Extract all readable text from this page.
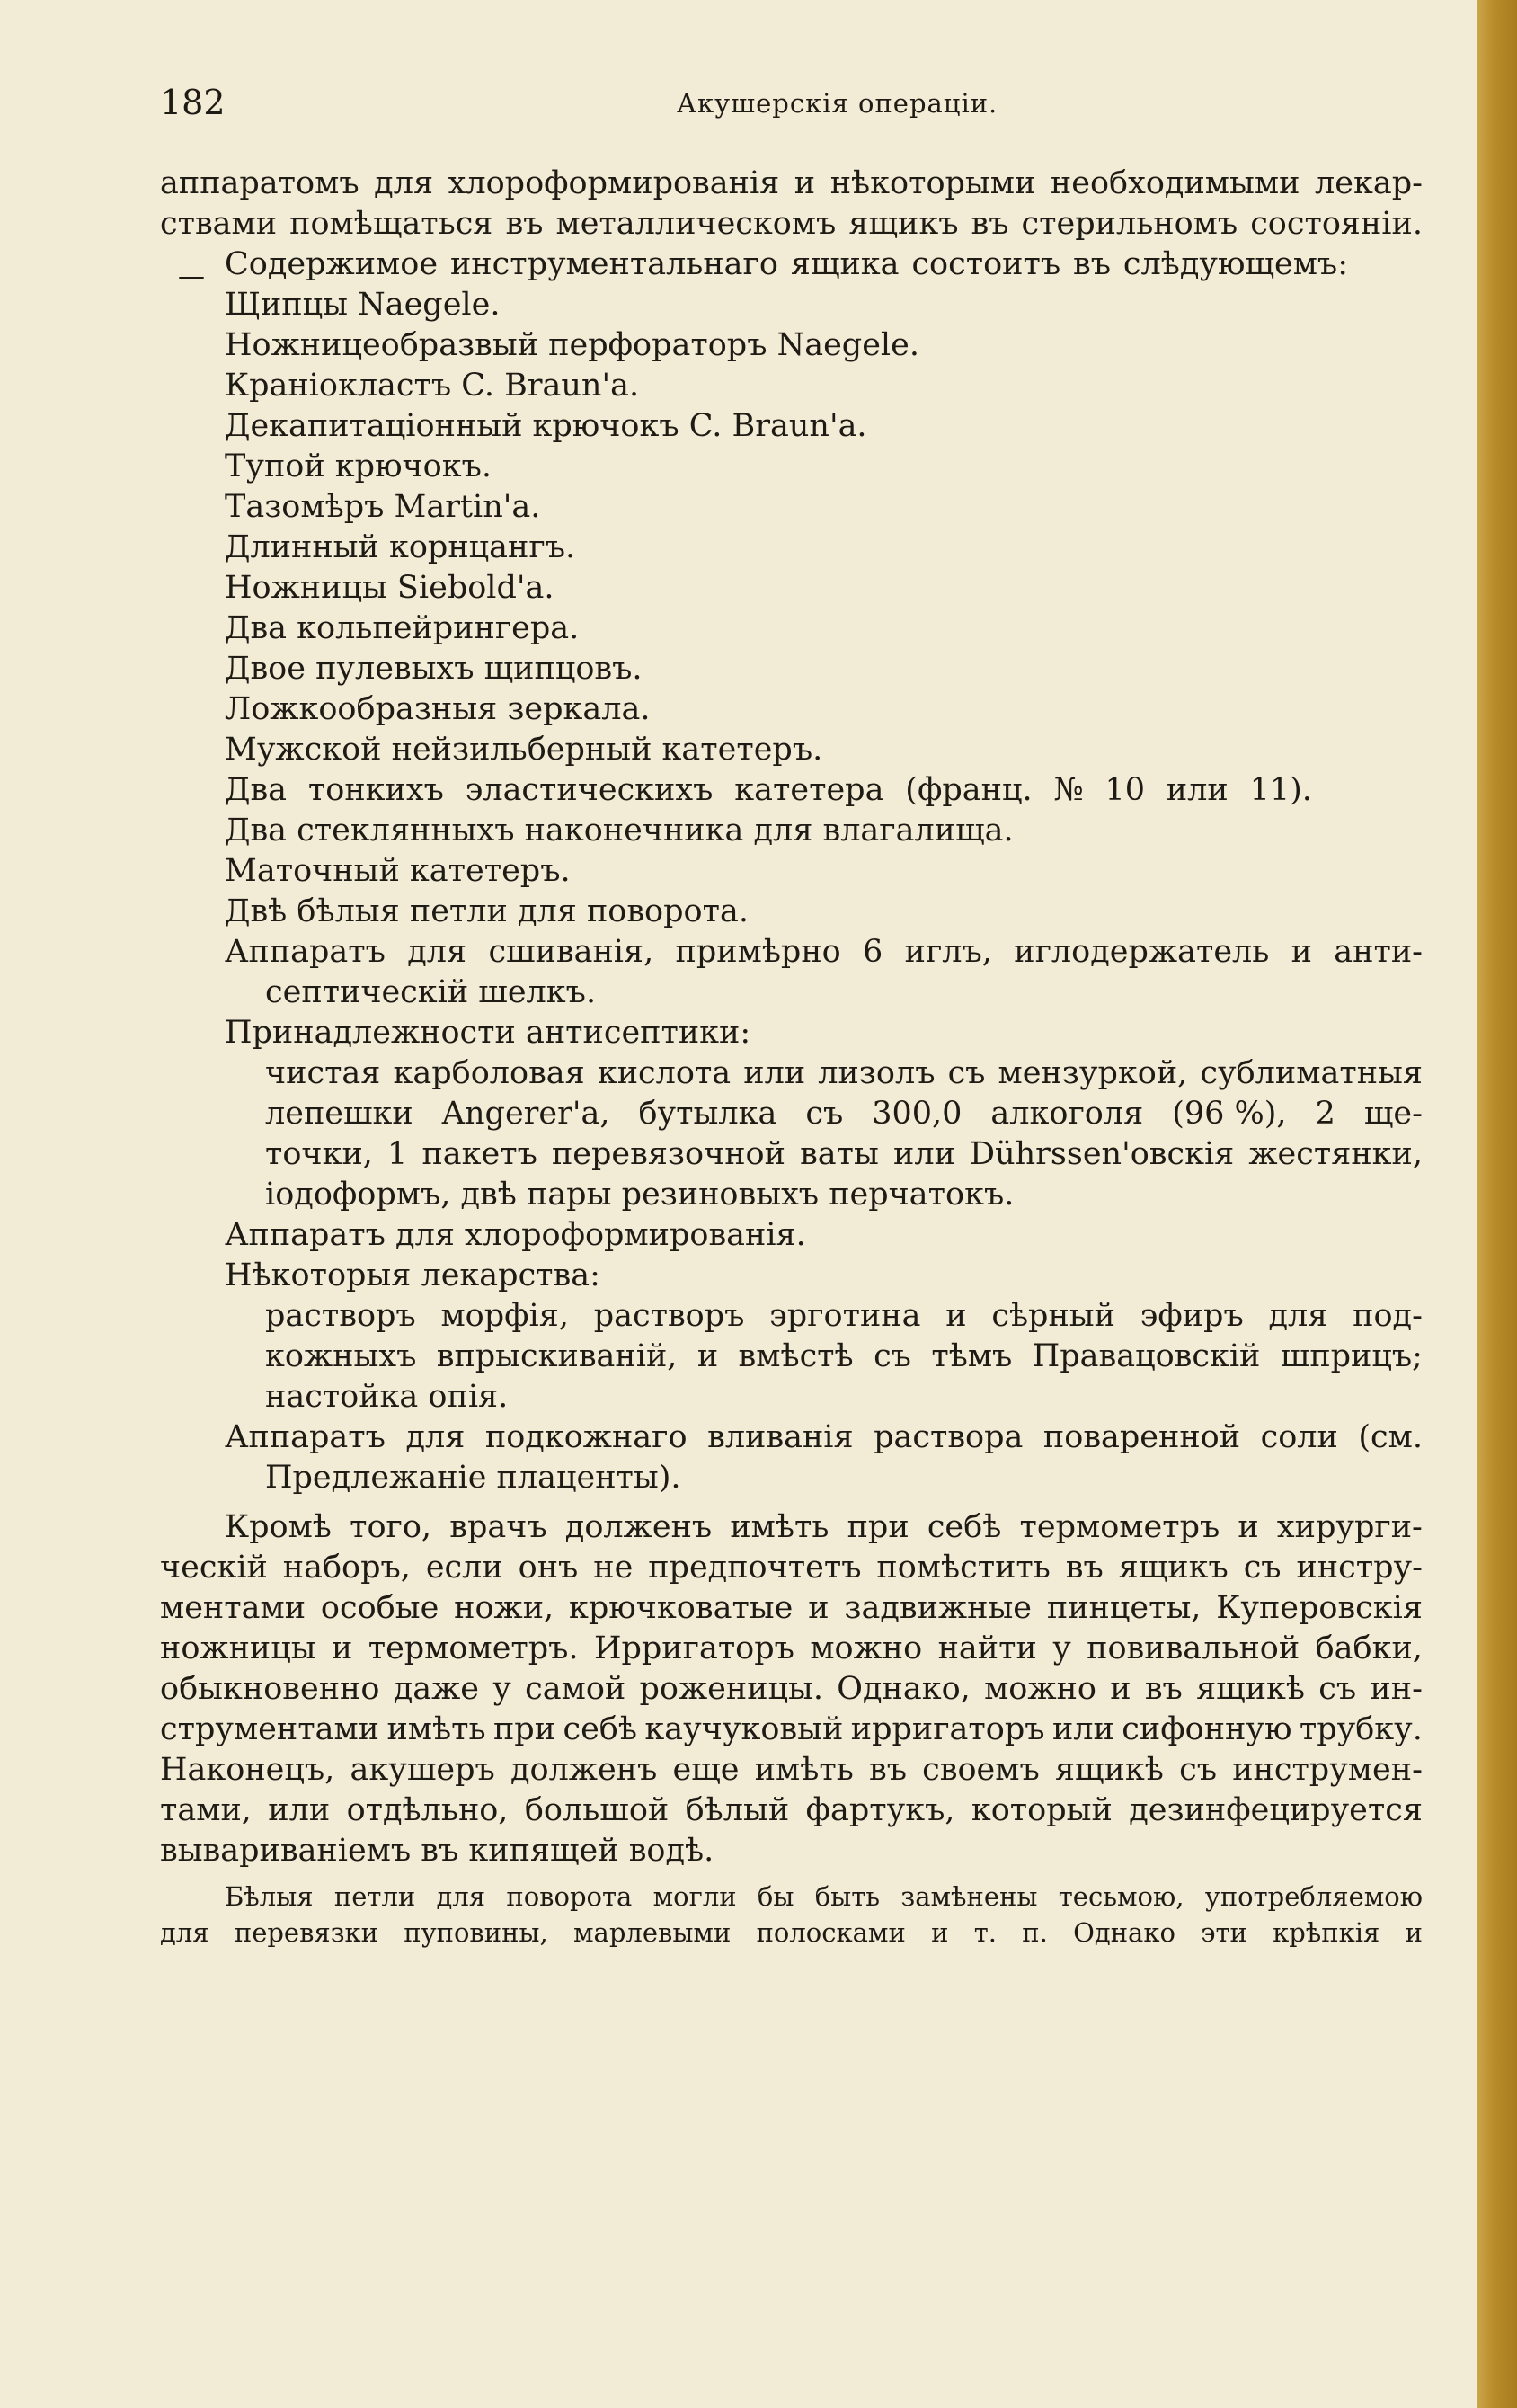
182	Акушерскія операціи.
—
аппаратомъ для хлороформированія и нѣкоторыми необходимыми лекар-
ствами помѣщаться въ металлическомъ ящикъ въ стерильномъ состояніи.
Содержимое инструментальнаго ящика состоитъ въ слѣдующемъ:
Щипцы Naegele.
Ножницеобразвый перфораторъ Naegele.
Краніокластъ C. Braun'а.
Декапитаціонный крючокъ C. Braun'а.
Тупой крючокъ.
Тазомѣръ Martin'а.
Длинный корнцангъ.
Ножницы Siebold'а.
Два кольпейрингера.
Двое пулевыхъ щипцовъ.
Ложкообразныя зеркала.
Мужской нейзильберный катетеръ.
Два тонкихъ эластическихъ катетера (франц. № 10 или 11).
Два стеклянныхъ наконечника для влагалища.
Маточный катетеръ.
Двѣ бѣлыя петли для поворота.
Аппаратъ для сшиванія, примѣрно 6 иглъ, иглодержатель и анти-
септическій шелкъ.
Принадлежности антисептики:
чистая карболовая кислота или лизолъ съ мензуркой, сублиматныя
лепешки Angerer'а, бутылка съ 300,0 алкоголя (96 %), 2 ще-
точки, 1 пакетъ перевязочной ваты или Dührssen'овскія жестянки,
іодоформъ, двѣ пары резиновыхъ перчатокъ.
Аппаратъ для хлороформированія.
Нѣкоторыя лекарства:
растворъ морфія, растворъ эрготина и сѣрный эфиръ для под-
кожныхъ впрыскиваній, и вмѣстѣ съ тѣмъ Правацовскій шприцъ;
настойка опія.
Аппаратъ для подкожнаго вливанія раствора поваренной соли (см.
Предлежаніе плаценты).
Кромѣ того, врачъ долженъ имѣть при себѣ термометръ и хирурги-
ческій наборъ, если онъ не предпочтетъ помѣстить въ ящикъ съ инстру-
ментами особые ножи, крючковатые и задвижные пинцеты, Куперовскія
ножницы и термометръ. Ирригаторъ можно найти у повивальной бабки,
обыкновенно даже у самой роженицы. Однако, можно и въ ящикѣ съ ин-
струментами имѣть при себѣ каучуковый ирригаторъ или сифонную трубку.
Наконецъ, акушеръ долженъ еще имѣть въ своемъ ящикѣ съ инструмен-
тами, или отдѣльно, большой бѣлый фартукъ, который дезинфецируется
вывариваніемъ въ кипящей водѣ.
Бѣлыя петли для поворота могли бы быть замѣнены тесьмою, употребляемою
для перевязки пуповины, марлевыми полосками и т. п. Однако эти крѣпкія и
